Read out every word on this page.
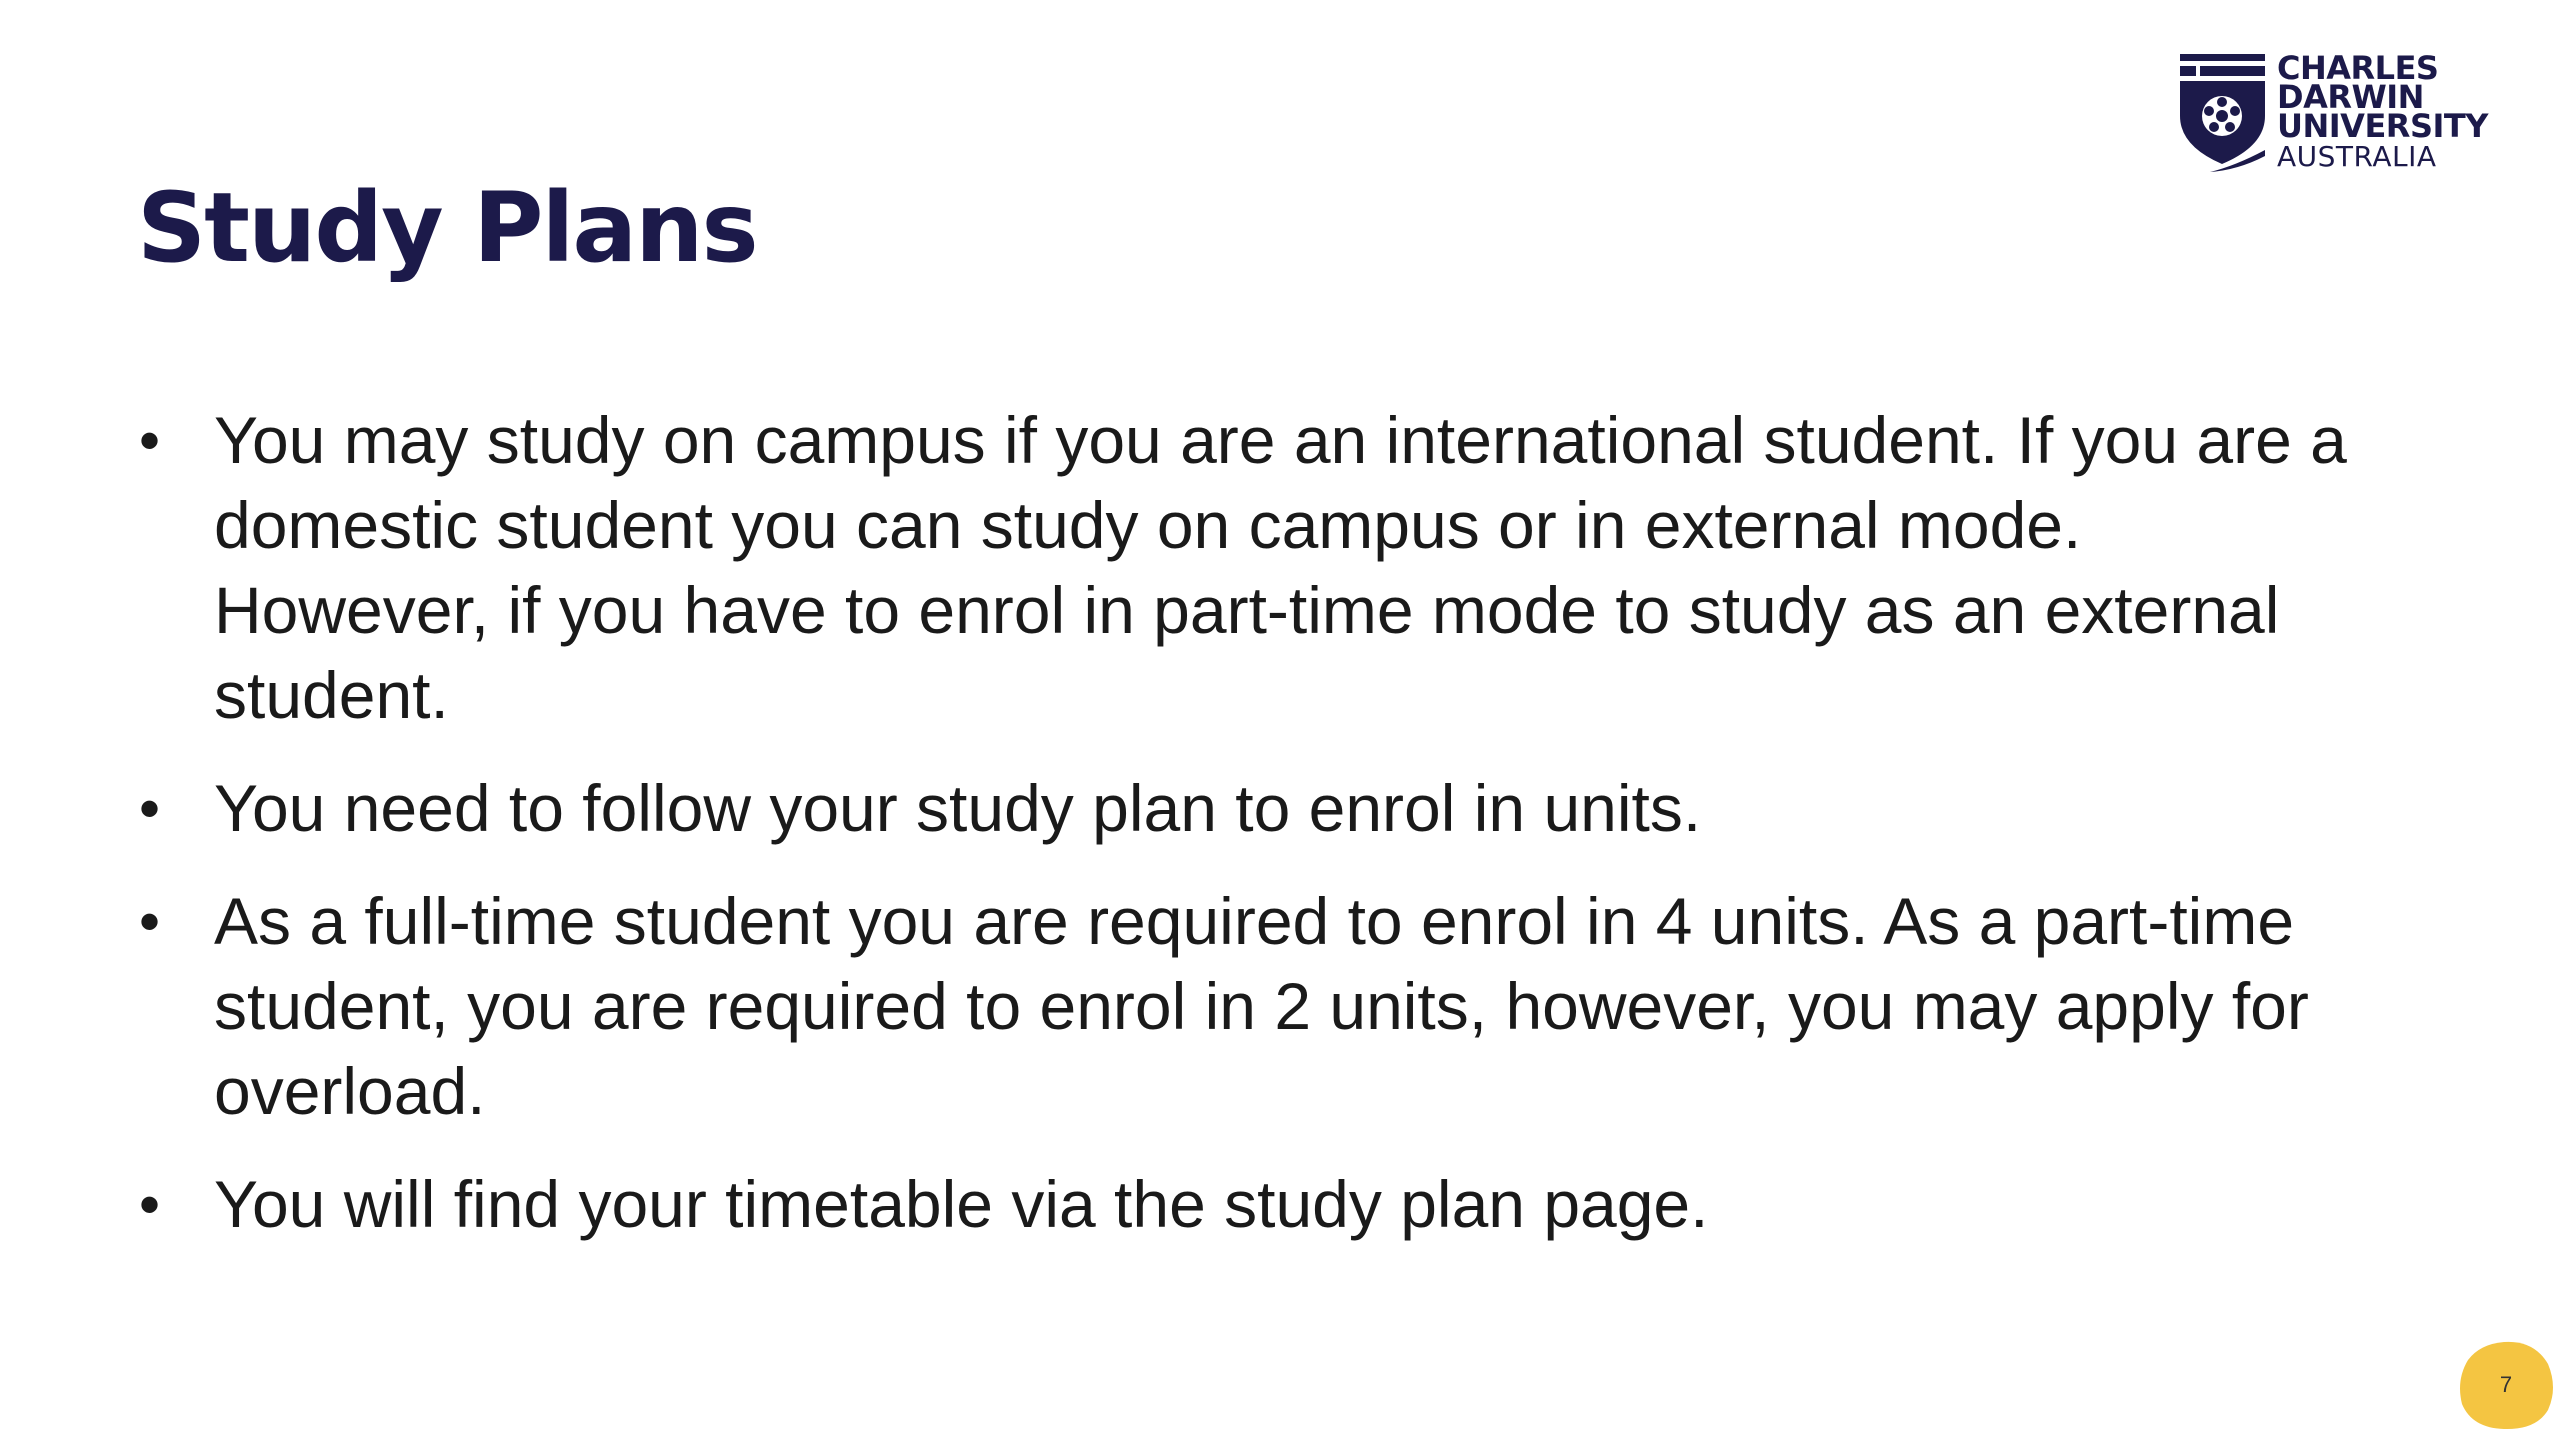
Study Plans
CHARLES
DARWIN
UNIVERSITY
AUSTRALIA
• You may study on campus if you are an international student. If you are a domestic student you can study on campus or in external mode. However, if you have to enrol in part-time mode to study as an external student.
• You need to follow your study plan to enrol in units.
• As a full-time student you are required to enrol in 4 units. As a part-time student, you are required to enrol in 2 units, however, you may apply for overload.
• You will find your timetable via the study plan page.
7
